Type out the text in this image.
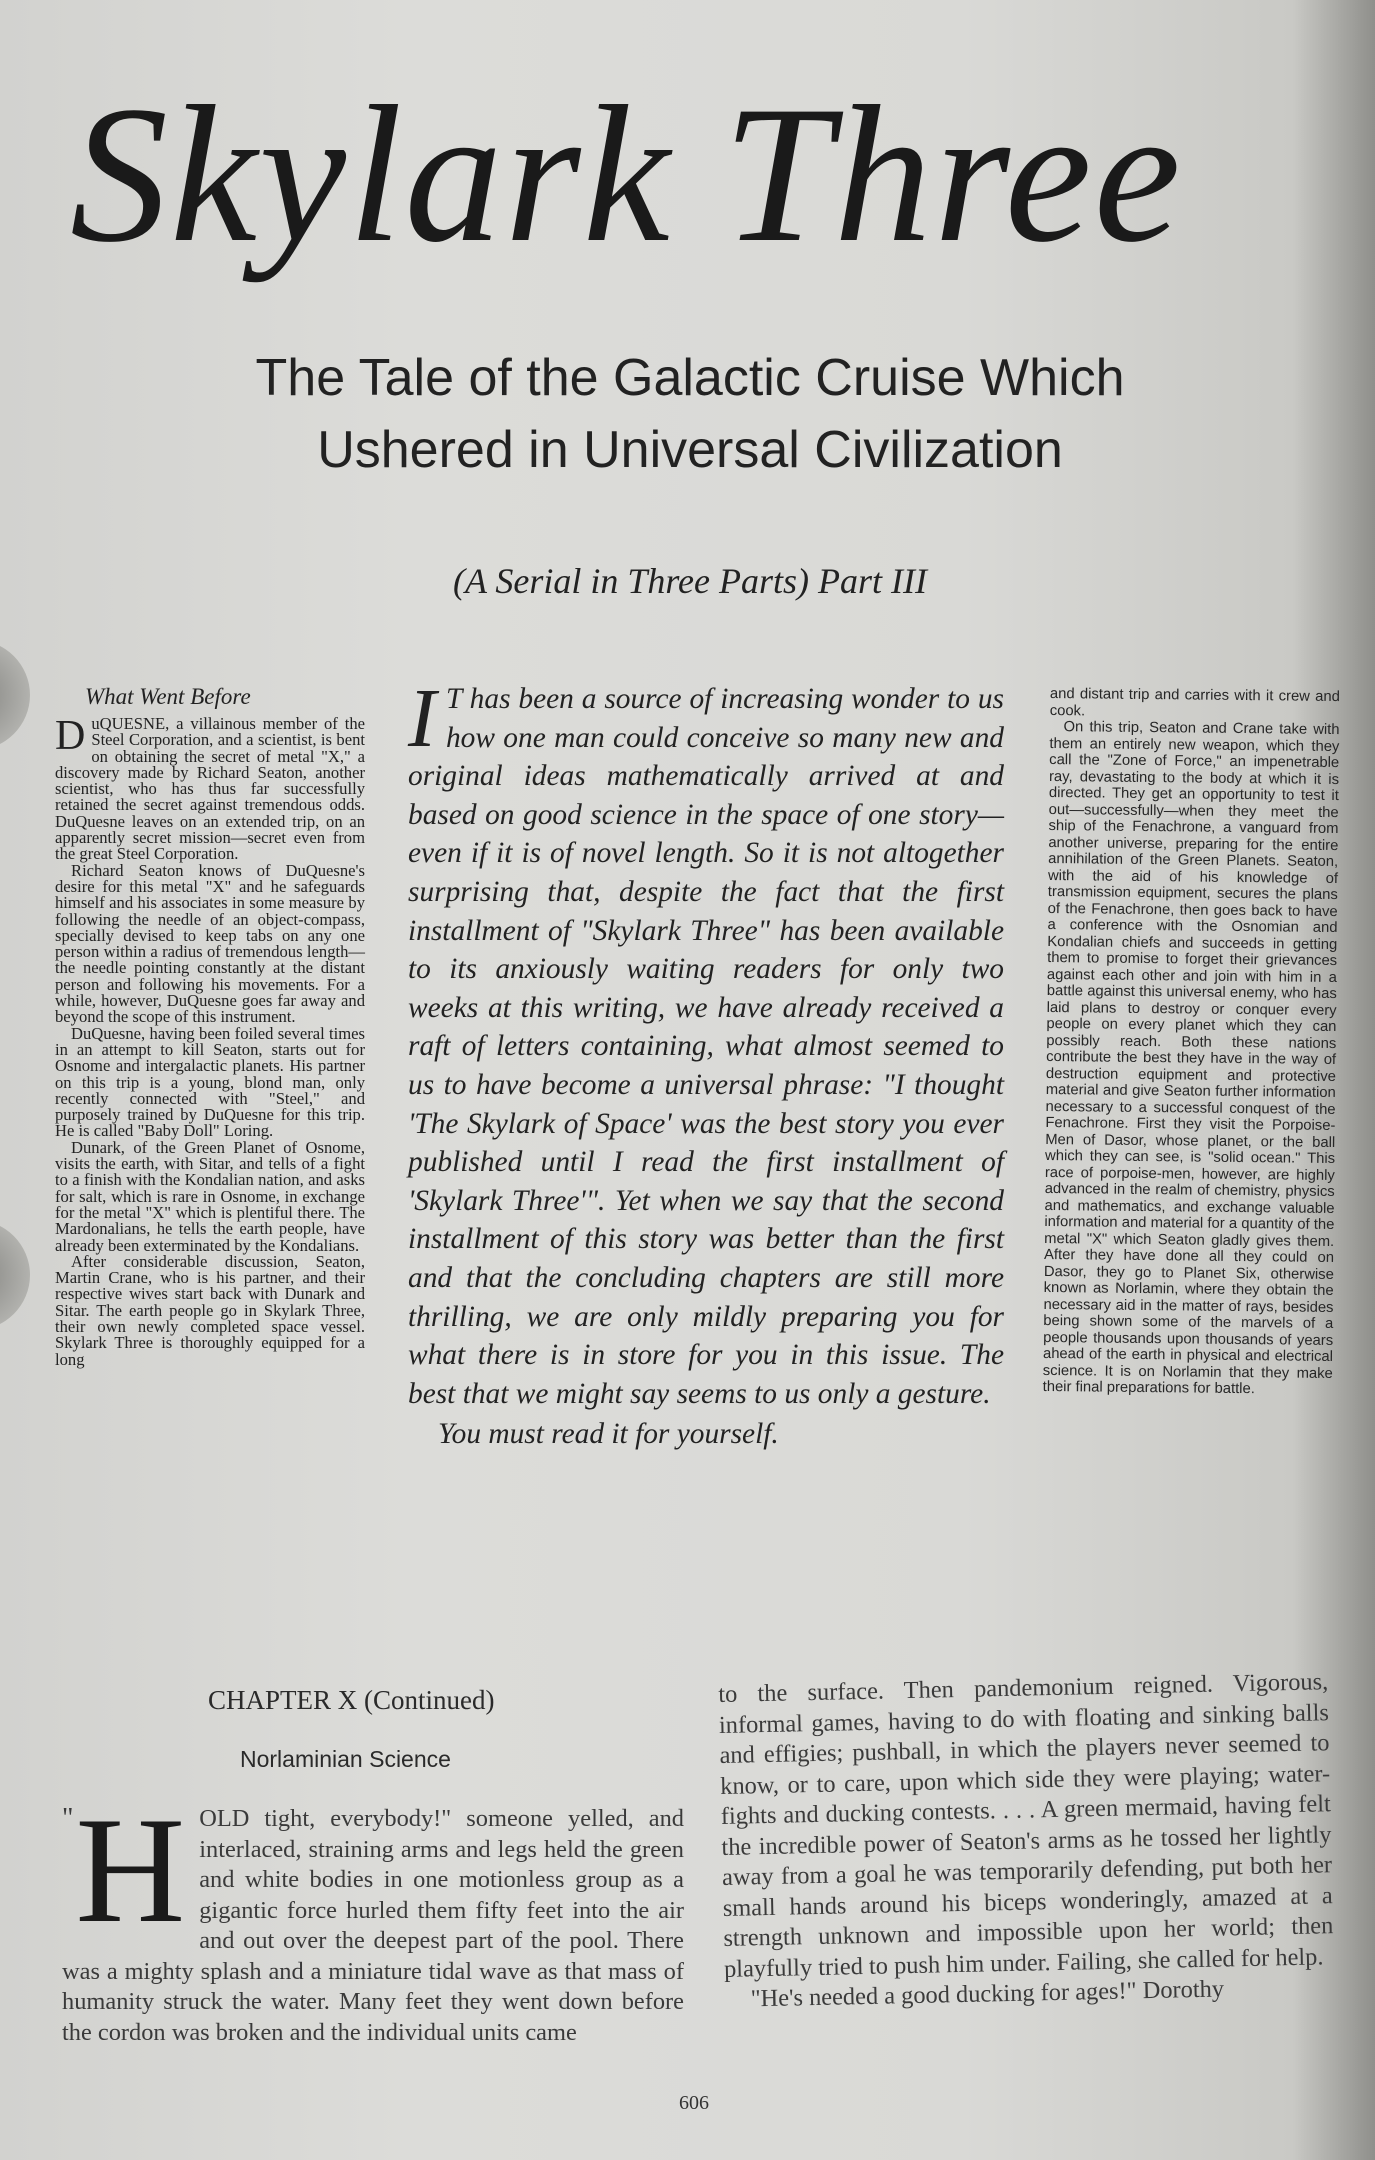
Skylark Three
The Tale of the Galactic Cruise Which
Ushered in Universal Civilization
(A Serial in Three Parts) Part III
What Went Before

DuQUESNE, a villainous member of the Steel Corporation, and a scientist, is bent on obtaining the secret of metal "X," a discovery made by Richard Seaton, another scientist, who has thus far successfully retained the secret against tremendous odds. DuQuesne leaves on an extended trip, on an apparently secret mission—secret even from the great Steel Corporation.

Richard Seaton knows of DuQuesne's desire for this metal "X" and he safeguards himself and his associates in some measure by following the needle of an object-compass, specially devised to keep tabs on any one person within a radius of tremendous length—the needle pointing constantly at the distant person and following his movements. For a while, however, DuQuesne goes far away and beyond the scope of this instrument.

DuQuesne, having been foiled several times in an attempt to kill Seaton, starts out for Osnome and intergalactic planets. His partner on this trip is a young, blond man, only recently connected with "Steel," and purposely trained by DuQuesne for this trip. He is called "Baby Doll" Loring.

Dunark, of the Green Planet of Osnome, visits the earth, with Sitar, and tells of a fight to a finish with the Kondalian nation, and asks for salt, which is rare in Osnome, in exchange for the metal "X" which is plentiful there. The Mardonalians, he tells the earth people, have already been exterminated by the Kondalians.

After considerable discussion, Seaton, Martin Crane, who is his partner, and their respective wives start back with Dunark and Sitar. The earth people go in Skylark Three, their own newly completed space vessel. Skylark Three is thoroughly equipped for a long

I T has been a source of increasing wonder to us how one man could conceive so many new and original ideas mathematically arrived at and based on good science in the space of one story—even if it is of novel length. So it is not altogether surprising that, despite the fact that the first installment of "Skylark Three" has been available to its anxiously waiting readers for only two weeks at this writing, we have already received a raft of letters containing, what almost seemed to us to have become a universal phrase: "I thought 'The Skylark of Space' was the best story you ever published until I read the first installment of 'Skylark Three'". Yet when we say that the second installment of this story was better than the first and that the concluding chapters are still more thrilling, we are only mildly preparing you for what there is in store for you in this issue. The best that we might say seems to us only a gesture.

You must read it for yourself.

and distant trip and carries with it crew and cook.

On this trip, Seaton and Crane take with them an entirely new weapon, which they call the "Zone of Force," an impenetrable ray, devastating to the body at which it is directed. They get an opportunity to test it out—successfully—when they meet the ship of the Fenachrone, a vanguard from another universe, preparing for the entire annihilation of the Green Planets. Seaton, with the aid of his knowledge of transmission equipment, secures the plans of the Fenachrone, then goes back to have a conference with the Osnomian and Kondalian chiefs and succeeds in getting them to promise to forget their grievances against each other and join with him in a battle against this universal enemy, who has laid plans to destroy or conquer every people on every planet which they can possibly reach. Both these nations contribute the best they have in the way of destruction equipment and protective material and give Seaton further information necessary to a successful conquest of the Fenachrone. First they visit the Porpoise-Men of Dasor, whose planet, or the ball which they can see, is "solid ocean." This race of porpoise-men, however, are highly advanced in the realm of chemistry, physics and mathematics, and exchange valuable information and material for a quantity of the metal "X" which Seaton gladly gives them. After they have done all they could on Dasor, they go to Planet Six, otherwise known as Norlamin, where they obtain the necessary aid in the matter of rays, besides being shown some of the marvels of a people thousands upon thousands of years ahead of the earth in physical and electrical science. It is on Norlamin that they make their final preparations for battle.

CHAPTER X (Continued)
Norlaminian Science
" H OLD tight, everybody!" someone yelled, and interlaced, straining arms and legs held the green and white bodies in one motionless group as a gigantic force hurled them fifty feet into the air and out over the deepest part of the pool. There was a mighty splash and a miniature tidal wave as that mass of humanity struck the water. Many feet they went down before the cordon was broken and the individual units came

to the surface. Then pandemonium reigned. Vigorous, informal games, having to do with floating and sinking balls and effigies; pushball, in which the players never seemed to know, or to care, upon which side they were playing; water-fights and ducking contests. . . . A green mermaid, having felt the incredible power of Seaton's arms as he tossed her lightly away from a goal he was temporarily defending, put both her small hands around his biceps wonderingly, amazed at a strength unknown and impossible upon her world; then playfully tried to push him under. Failing, she called for help.

"He's needed a good ducking for ages!" Dorothy

606
